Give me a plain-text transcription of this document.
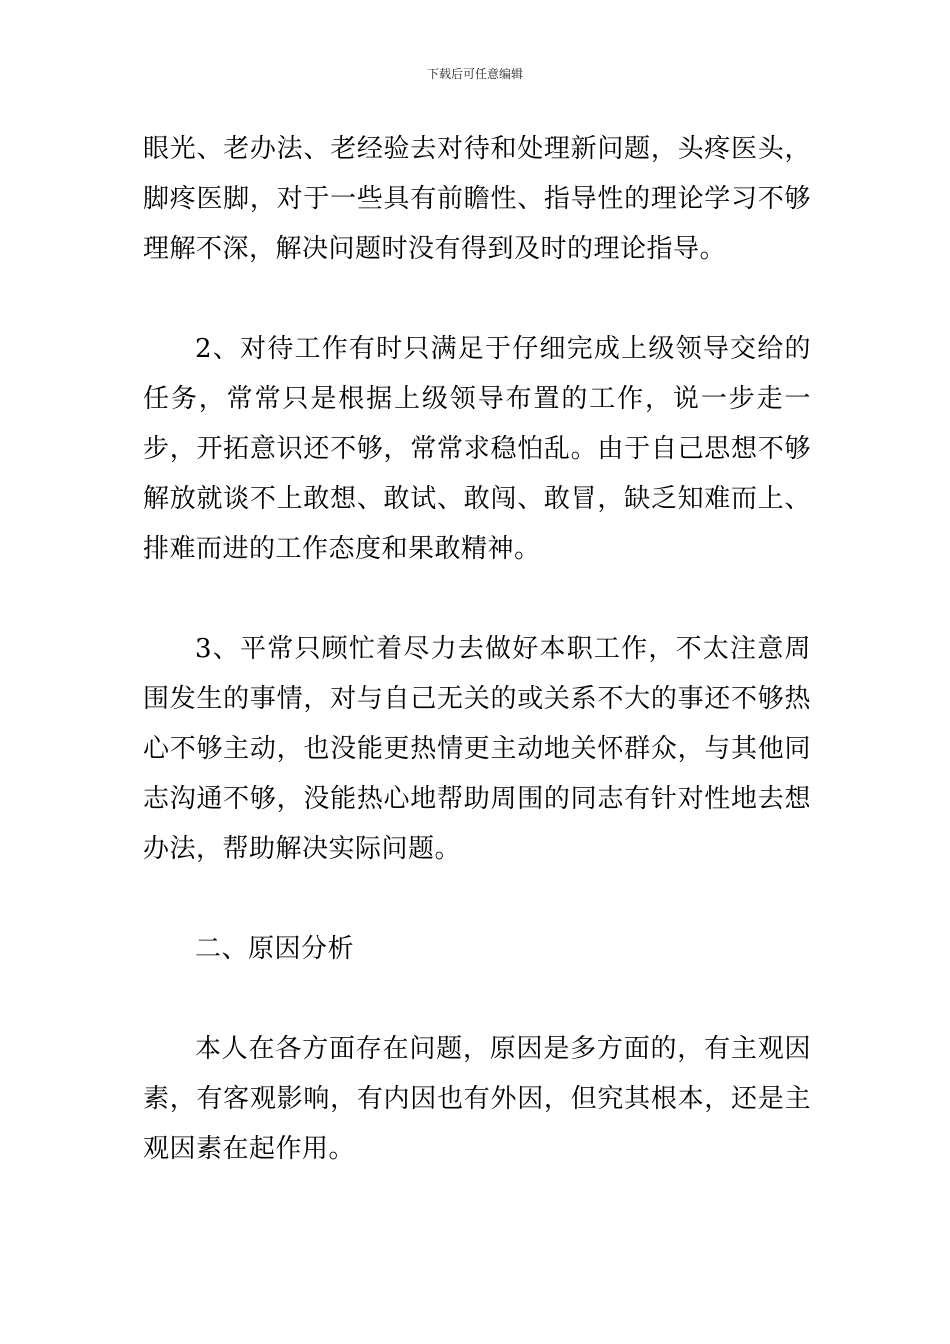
下载后可任意编辑

眼光、老办法、老经验去对待和处理新问题，头疼医头，脚疼医脚，对于一些具有前瞻性、指导性的理论学习不够理解不深，解决问题时没有得到及时的理论指导。

2、对待工作有时只满足于仔细完成上级领导交给的任务，常常只是根据上级领导布置的工作，说一步走一步，开拓意识还不够，常常求稳怕乱。由于自己思想不够解放就谈不上敢想、敢试、敢闯、敢冒，缺乏知难而上、排难而进的工作态度和果敢精神。

3、平常只顾忙着尽力去做好本职工作，不太注意周围发生的事情，对与自己无关的或关系不大的事还不够热心不够主动，也没能更热情更主动地关怀群众，与其他同志沟通不够，没能热心地帮助周围的同志有针对性地去想办法，帮助解决实际问题。

二、原因分析

本人在各方面存在问题，原因是多方面的，有主观因素，有客观影响，有内因也有外因，但究其根本，还是主观因素在起作用。
